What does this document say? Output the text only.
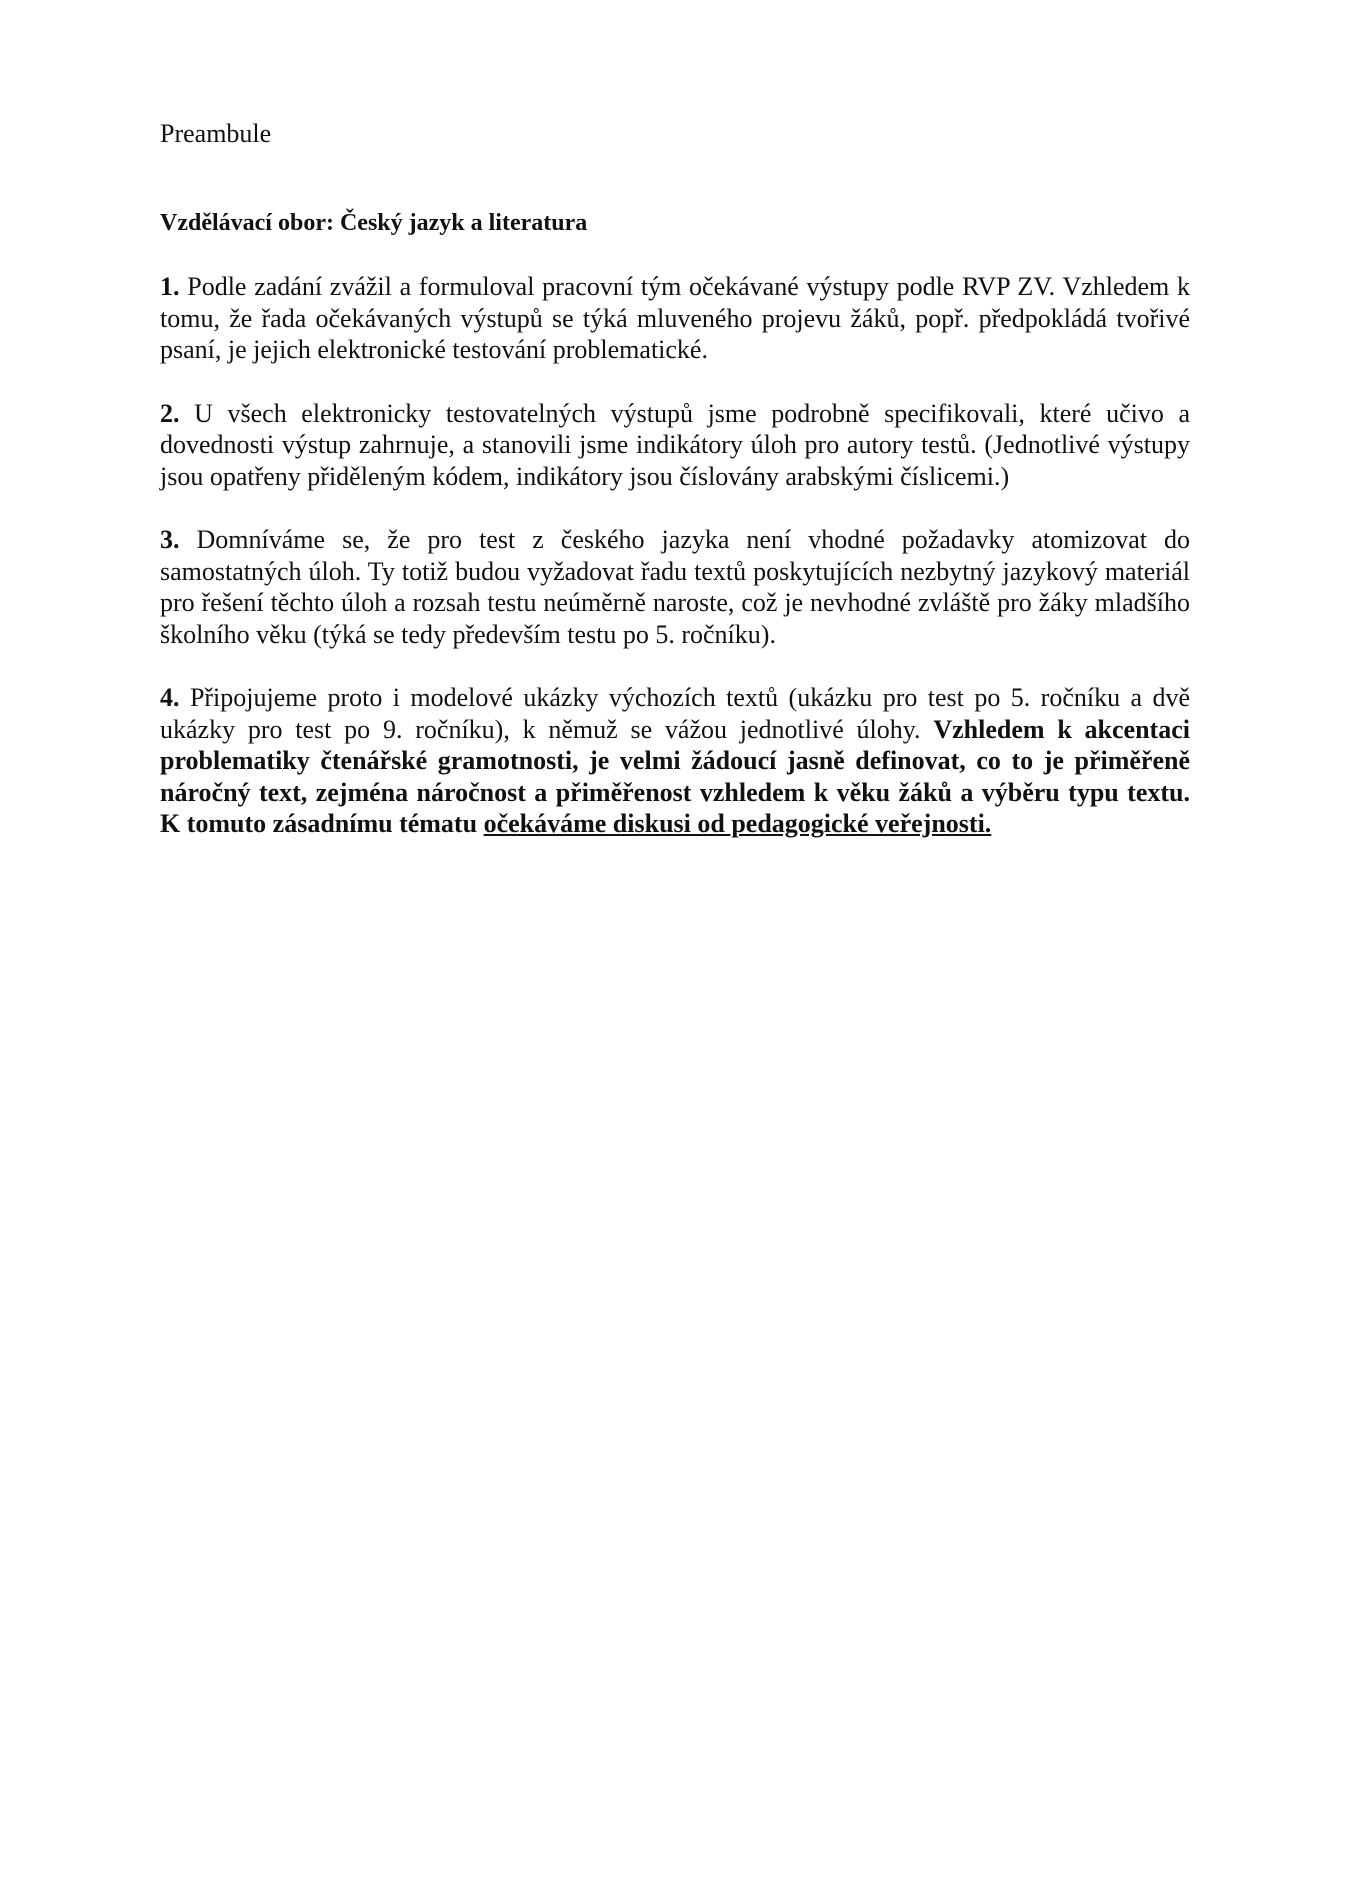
Preambule

Vzdělávací obor: Český jazyk a literatura

1. Podle zadání zvážil a formuloval pracovní tým očekávané výstupy podle RVP ZV. Vzhledem k tomu, že řada očekávaných výstupů se týká mluveného projevu žáků, popř. předpokládá tvořivé psaní, je jejich elektronické testování problematické.

2. U všech elektronicky testovatelných výstupů jsme podrobně specifikovali, které učivo a dovednosti výstup zahrnuje, a stanovili jsme indikátory úloh pro autory testů. (Jednotlivé výstupy jsou opatřeny přiděleným kódem, indikátory jsou číslovány arabskými číslicemi.)

3. Domníváme se, že pro test z českého jazyka není vhodné požadavky atomizovat do samostatných úloh. Ty totiž budou vyžadovat řadu textů poskytujících nezbytný jazykový materiál pro řešení těchto úloh a rozsah testu neúměrně naroste, což je nevhodné zvláště pro žáky mladšího školního věku (týká se tedy především testu po 5. ročníku).

4. Připojujeme proto i modelové ukázky výchozích textů (ukázku pro test po 5. ročníku a dvě ukázky pro test po 9. ročníku), k němuž se vážou jednotlivé úlohy. Vzhledem k akcentaci problematiky čtenářské gramotnosti, je velmi žádoucí jasně definovat, co to je přiměřeně náročný text, zejména náročnost a přiměřenost vzhledem k věku žáků a výběru typu textu. K tomuto zásadnímu tématu očekáváme diskusi od pedagogické veřejnosti.
